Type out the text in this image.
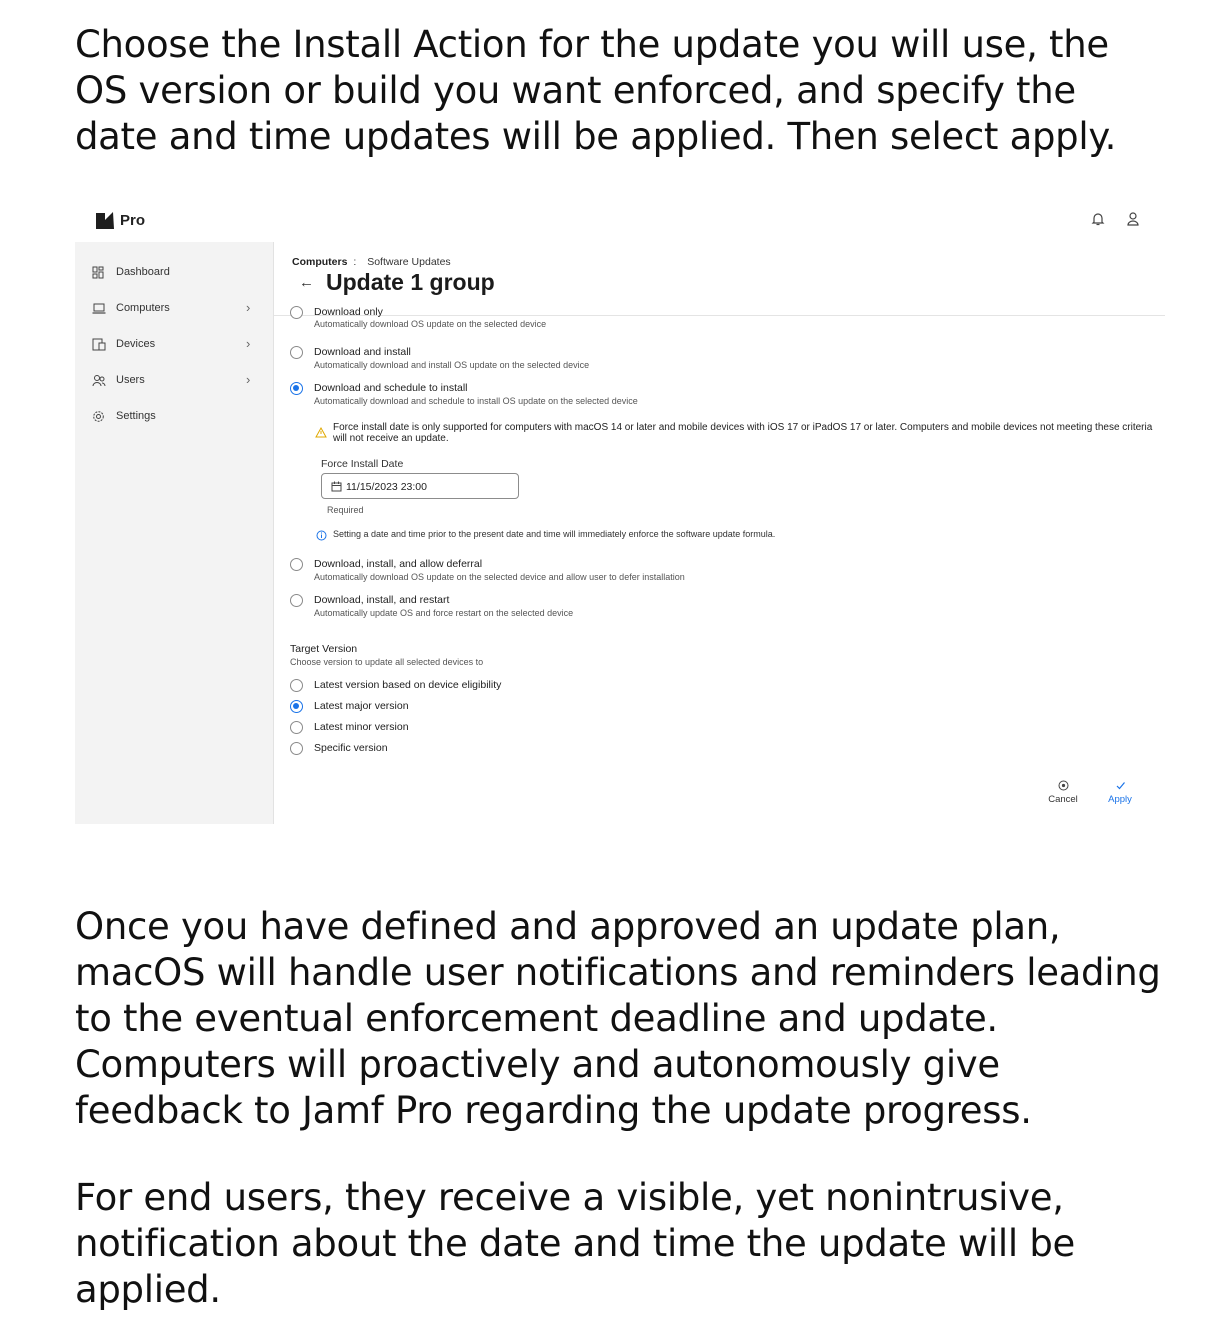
Choose the Install Action for the update you will use, the OS version or build you want enforced, and specify the date and time updates will be applied. Then select apply.

Pro
Dashboard
Computers	›
Devices	›
Users	›
Settings
Computers : Software Updates
← Update 1 group
Download only
Automatically download OS update on the selected device
Download and install
Automatically download and install OS update on the selected device
Download and schedule to install
Automatically download and schedule to install OS update on the selected device
Force install date is only supported for computers with macOS 14 or later and mobile devices with iOS 17 or iPadOS 17 or later. Computers and mobile devices not meeting these criteria will not receive an update.
Force Install Date
11/15/2023 23:00
Required
Setting a date and time prior to the present date and time will immediately enforce the software update formula.
Download, install, and allow deferral
Automatically download OS update on the selected device and allow user to defer installation
Download, install, and restart
Automatically update OS and force restart on the selected device
Target Version
Choose version to update all selected devices to
Latest version based on device eligibility
Latest major version
Latest minor version
Specific version
Cancel	Apply

Once you have defined and approved an update plan, macOS will handle user notifications and reminders leading to the eventual enforcement deadline and update. Computers will proactively and autonomously give feedback to Jamf Pro regarding the update progress.

For end users, they receive a visible, yet nonintrusive, notification about the date and time the update will be applied.
